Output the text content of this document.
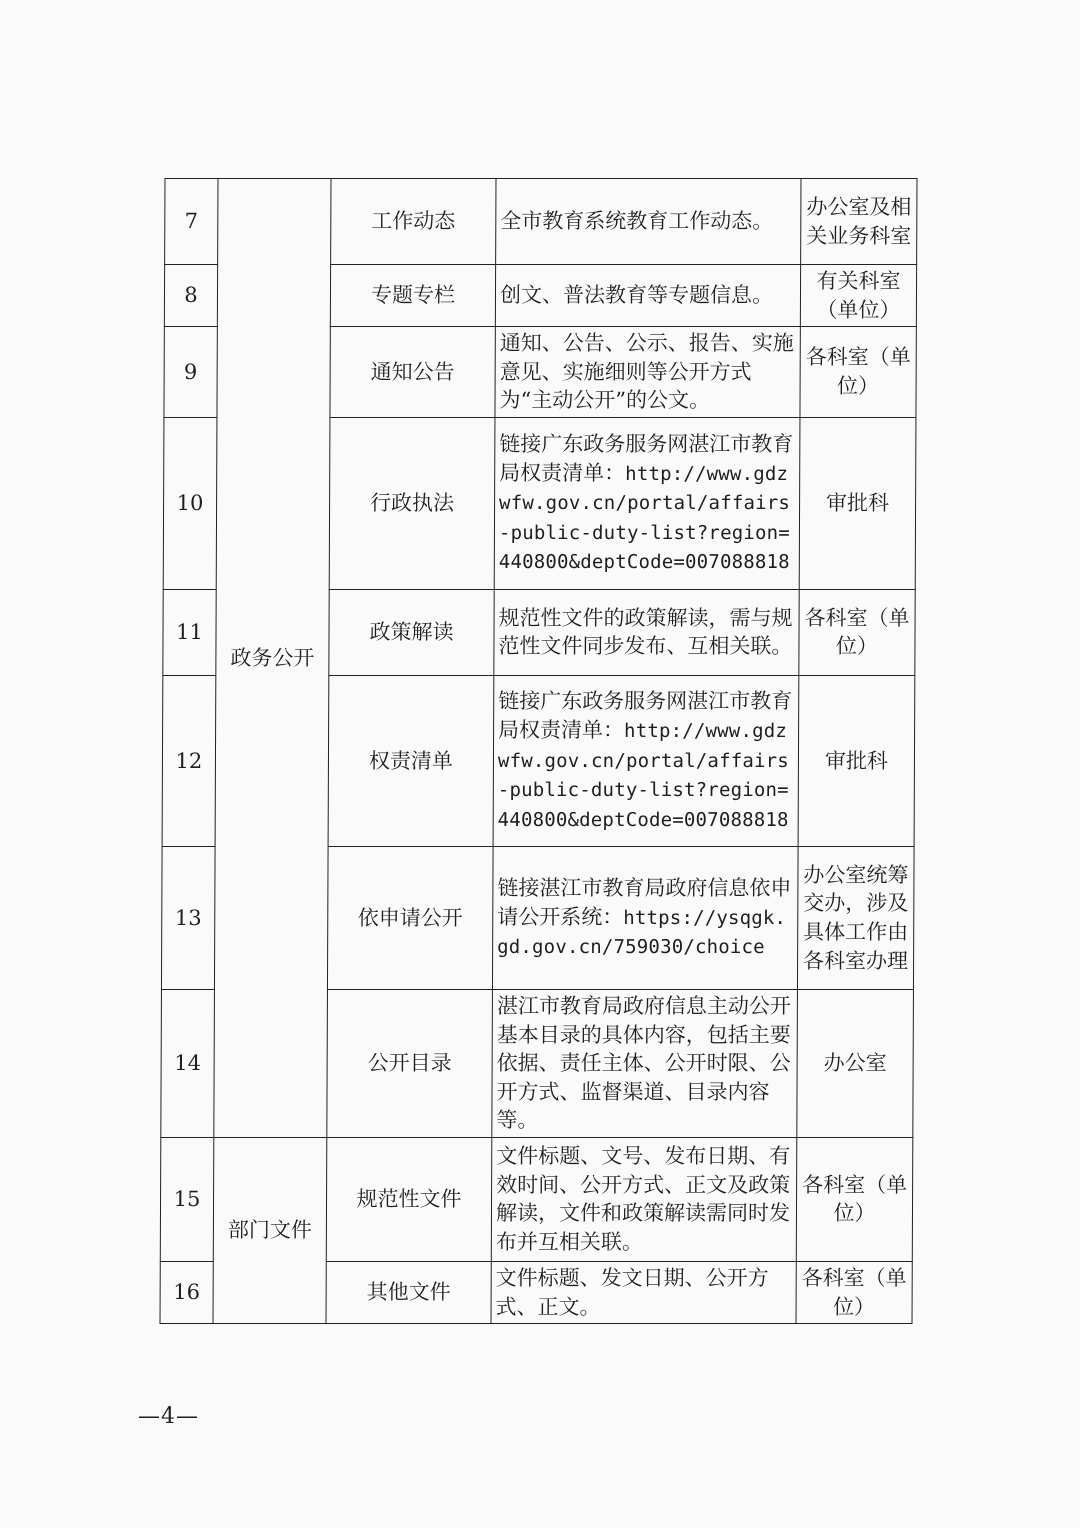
7	政务公开	工作动态	全市教育系统教育工作动态。	办公室及相关业务科室
8		专题专栏	创文、普法教育等专题信息。	有关科室（单位）
9		通知公告	通知、公告、公示、报告、实施意见、实施细则等公开方式为“主动公开”的公文。	各科室（单位）
10		行政执法	链接广东政务服务网湛江市教育局权责清单：http://www.gdzwfw.gov.cn/portal/affairs-public-duty-list?region=440800&deptCode=007088818	审批科
11		政策解读	规范性文件的政策解读，需与规范性文件同步发布、互相关联。	各科室（单位）
12		权责清单	链接广东政务服务网湛江市教育局权责清单：http://www.gdzwfw.gov.cn/portal/affairs-public-duty-list?region=440800&deptCode=007088818	审批科
13		依申请公开	链接湛江市教育局政府信息依申请公开系统：https://ysqgk.gd.gov.cn/759030/choice	办公室统筹交办，涉及具体工作由各科室办理
14		公开目录	湛江市教育局政府信息主动公开基本目录的具体内容，包括主要依据、责任主体、公开时限、公开方式、监督渠道、目录内容等。	办公室
15	部门文件	规范性文件	文件标题、文号、发布日期、有效时间、公开方式、正文及政策解读，文件和政策解读需同时发布并互相关联。	各科室（单位）
16		其他文件	文件标题、发文日期、公开方式、正文。	各科室（单位）
—4—
